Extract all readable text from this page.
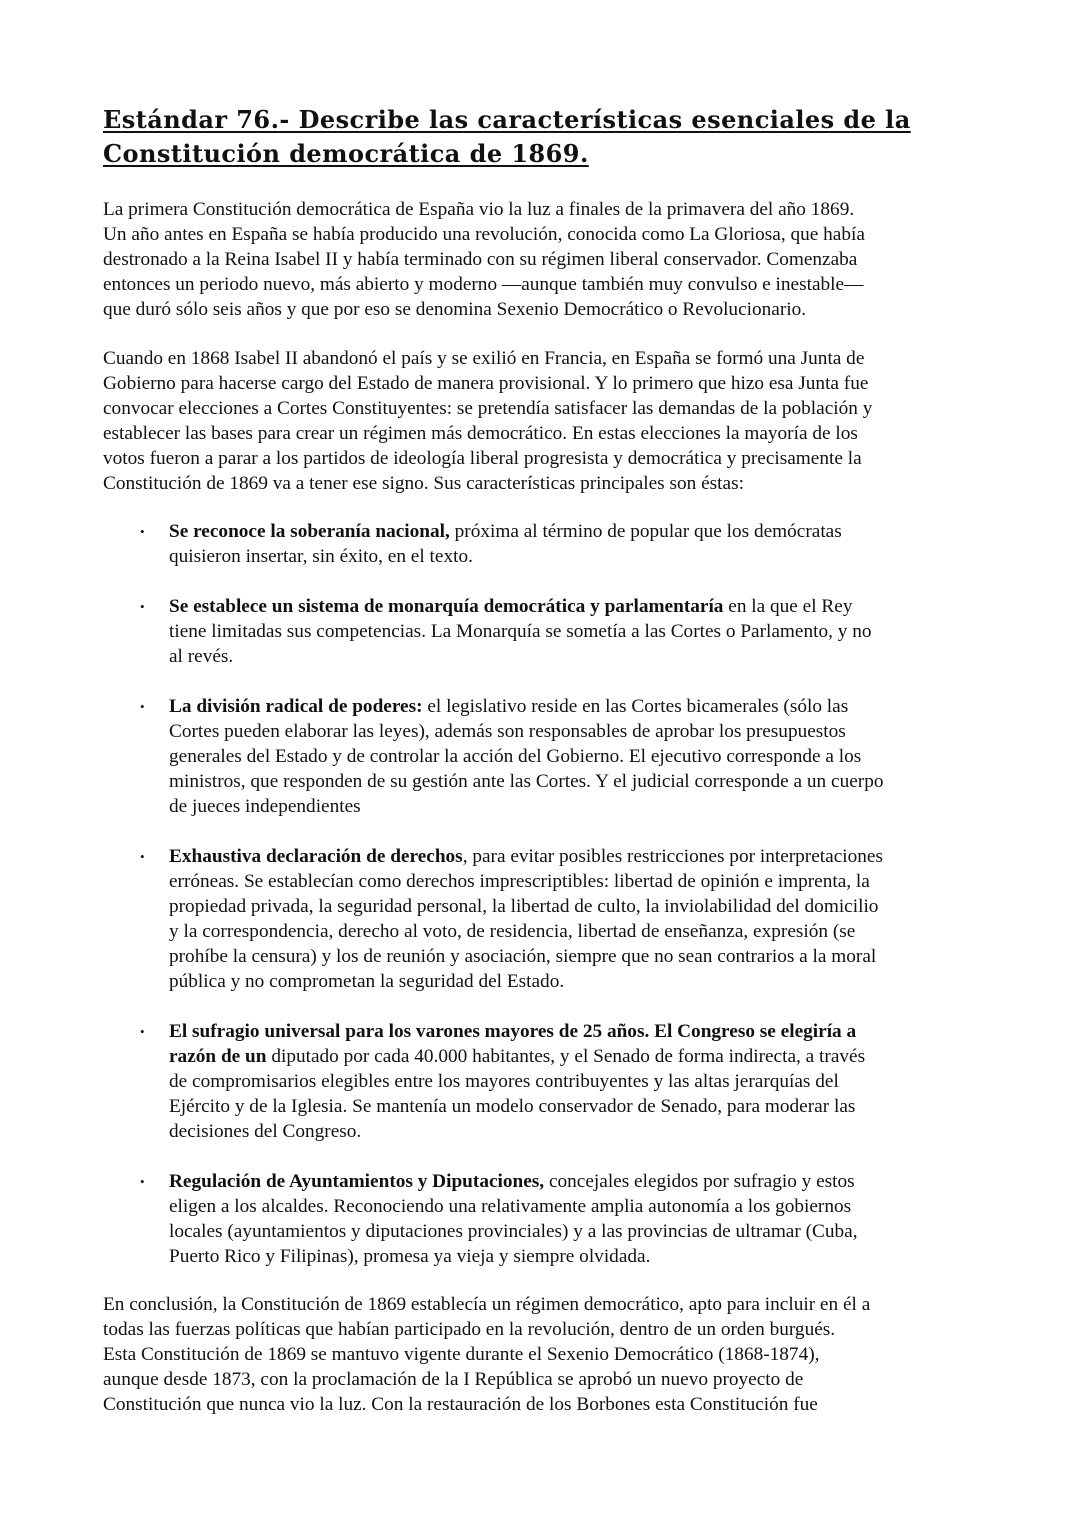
Estándar 76.- Describe las características esenciales de la
Constitución democrática de 1869.

La primera Constitución democrática de España vio la luz a finales de la primavera del año 1869.
Un año antes en España se había producido una revolución, conocida como La Gloriosa, que había
destronado a la Reina Isabel II y había terminado con su régimen liberal conservador. Comenzaba
entonces un periodo nuevo, más abierto y moderno —aunque también muy convulso e inestable—
que duró sólo seis años y que por eso se denomina Sexenio Democrático o Revolucionario.

Cuando en 1868 Isabel II abandonó el país y se exilió en Francia, en España se formó una Junta de
Gobierno para hacerse cargo del Estado de manera provisional. Y lo primero que hizo esa Junta fue
convocar elecciones a Cortes Constituyentes: se pretendía satisfacer las demandas de la población y
establecer las bases para crear un régimen más democrático. En estas elecciones la mayoría de los
votos fueron a parar a los partidos de ideología liberal progresista y democrática y precisamente la
Constitución de 1869 va a tener ese signo. Sus características principales son éstas:

• Se reconoce la soberanía nacional, próxima al término de popular que los demócratas
quisieron insertar, sin éxito, en el texto.
• Se establece un sistema de monarquía democrática y parlamentaría en la que el Rey
tiene limitadas sus competencias. La Monarquía se sometía a las Cortes o Parlamento, y no
al revés.
• La división radical de poderes: el legislativo reside en las Cortes bicamerales (sólo las
Cortes pueden elaborar las leyes), además son responsables de aprobar los presupuestos
generales del Estado y de controlar la acción del Gobierno. El ejecutivo corresponde a los
ministros, que responden de su gestión ante las Cortes. Y el judicial corresponde a un cuerpo
de jueces independientes
• Exhaustiva declaración de derechos, para evitar posibles restricciones por interpretaciones
erróneas. Se establecían como derechos imprescriptibles: libertad de opinión e imprenta, la
propiedad privada, la seguridad personal, la libertad de culto, la inviolabilidad del domicilio
y la correspondencia, derecho al voto, de residencia, libertad de enseñanza, expresión (se
prohíbe la censura) y los de reunión y asociación, siempre que no sean contrarios a la moral
pública y no comprometan la seguridad del Estado.
• El sufragio universal para los varones mayores de 25 años. El Congreso se elegiría a
razón de un diputado por cada 40.000 habitantes, y el Senado de forma indirecta, a través
de compromisarios elegibles entre los mayores contribuyentes y las altas jerarquías del
Ejército y de la Iglesia. Se mantenía un modelo conservador de Senado, para moderar las
decisiones del Congreso.
• Regulación de Ayuntamientos y Diputaciones, concejales elegidos por sufragio y estos
eligen a los alcaldes. Reconociendo una relativamente amplia autonomía a los gobiernos
locales (ayuntamientos y diputaciones provinciales) y a las provincias de ultramar (Cuba,
Puerto Rico y Filipinas), promesa ya vieja y siempre olvidada.

En conclusión, la Constitución de 1869 establecía un régimen democrático, apto para incluir en él a
todas las fuerzas políticas que habían participado en la revolución, dentro de un orden burgués.
Esta Constitución de 1869 se mantuvo vigente durante el Sexenio Democrático (1868-1874),
aunque desde 1873, con la proclamación de la I República se aprobó un nuevo proyecto de
Constitución que nunca vio la luz. Con la restauración de los Borbones esta Constitución fue
